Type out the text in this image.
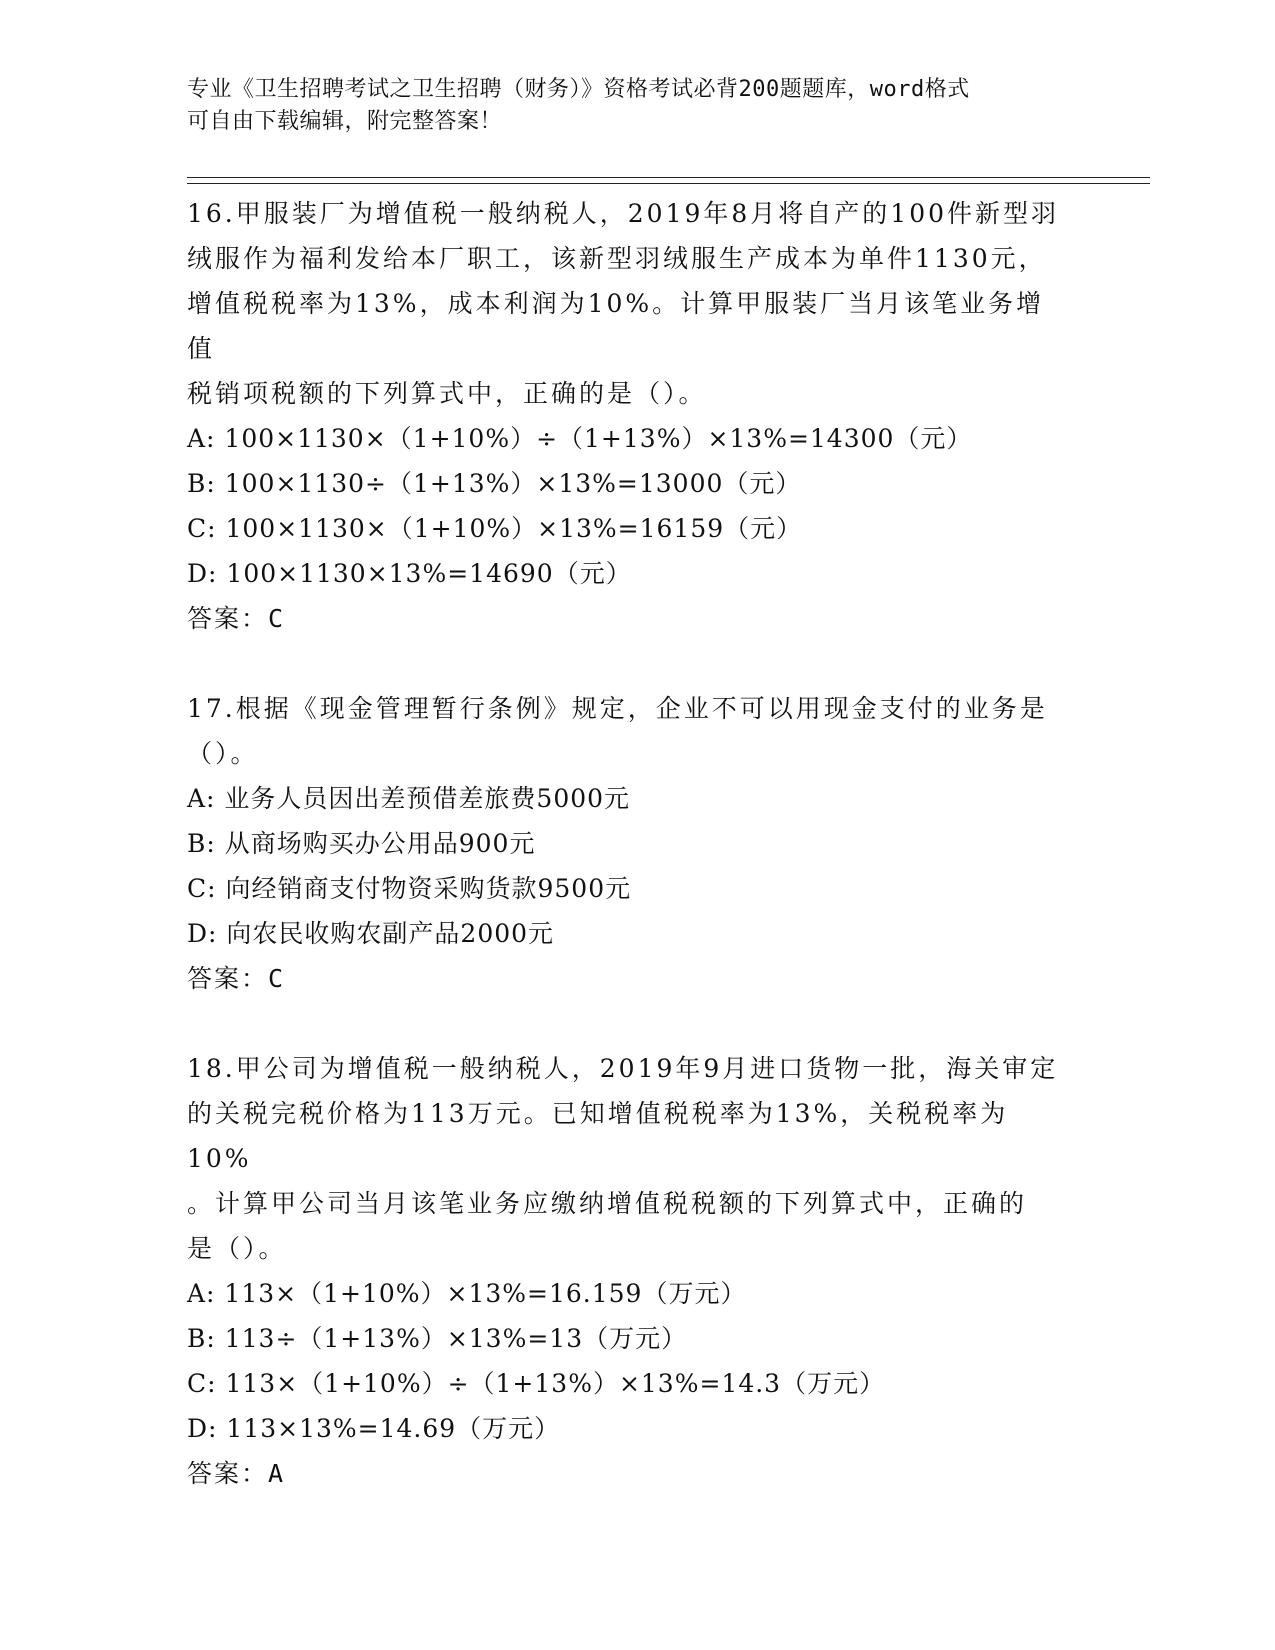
专业《卫生招聘考试之卫生招聘（财务）》资格考试必背200题题库，word格式
可自由下载编辑，附完整答案！
16.甲服装厂为增值税一般纳税人，2019年8月将自产的100件新型羽
绒服作为福利发给本厂职工，该新型羽绒服生产成本为单件1130元，
增值税税率为13%，成本利润为10%。计算甲服装厂当月该笔业务增值
税销项税额的下列算式中，正确的是（）。
A: 100×1130×（1+10%）÷（1+13%）×13%=14300（元）
B: 100×1130÷（1+13%）×13%=13000（元）
C: 100×1130×（1+10%）×13%=16159（元）
D: 100×1130×13%=14690（元）
答案：C
17.根据《现金管理暂行条例》规定，企业不可以用现金支付的业务是
（）。
A: 业务人员因出差预借差旅费5000元
B: 从商场购买办公用品900元
C: 向经销商支付物资采购货款9500元
D: 向农民收购农副产品2000元
答案：C
18.甲公司为增值税一般纳税人，2019年9月进口货物一批，海关审定
的关税完税价格为113万元。已知增值税税率为13%，关税税率为10%
。计算甲公司当月该笔业务应缴纳增值税税额的下列算式中，正确的
是（）。
A: 113×（1+10%）×13%=16.159（万元）
B: 113÷（1+13%）×13%=13（万元）
C: 113×（1+10%）÷（1+13%）×13%=14.3（万元）
D: 113×13%=14.69（万元）
答案：A
